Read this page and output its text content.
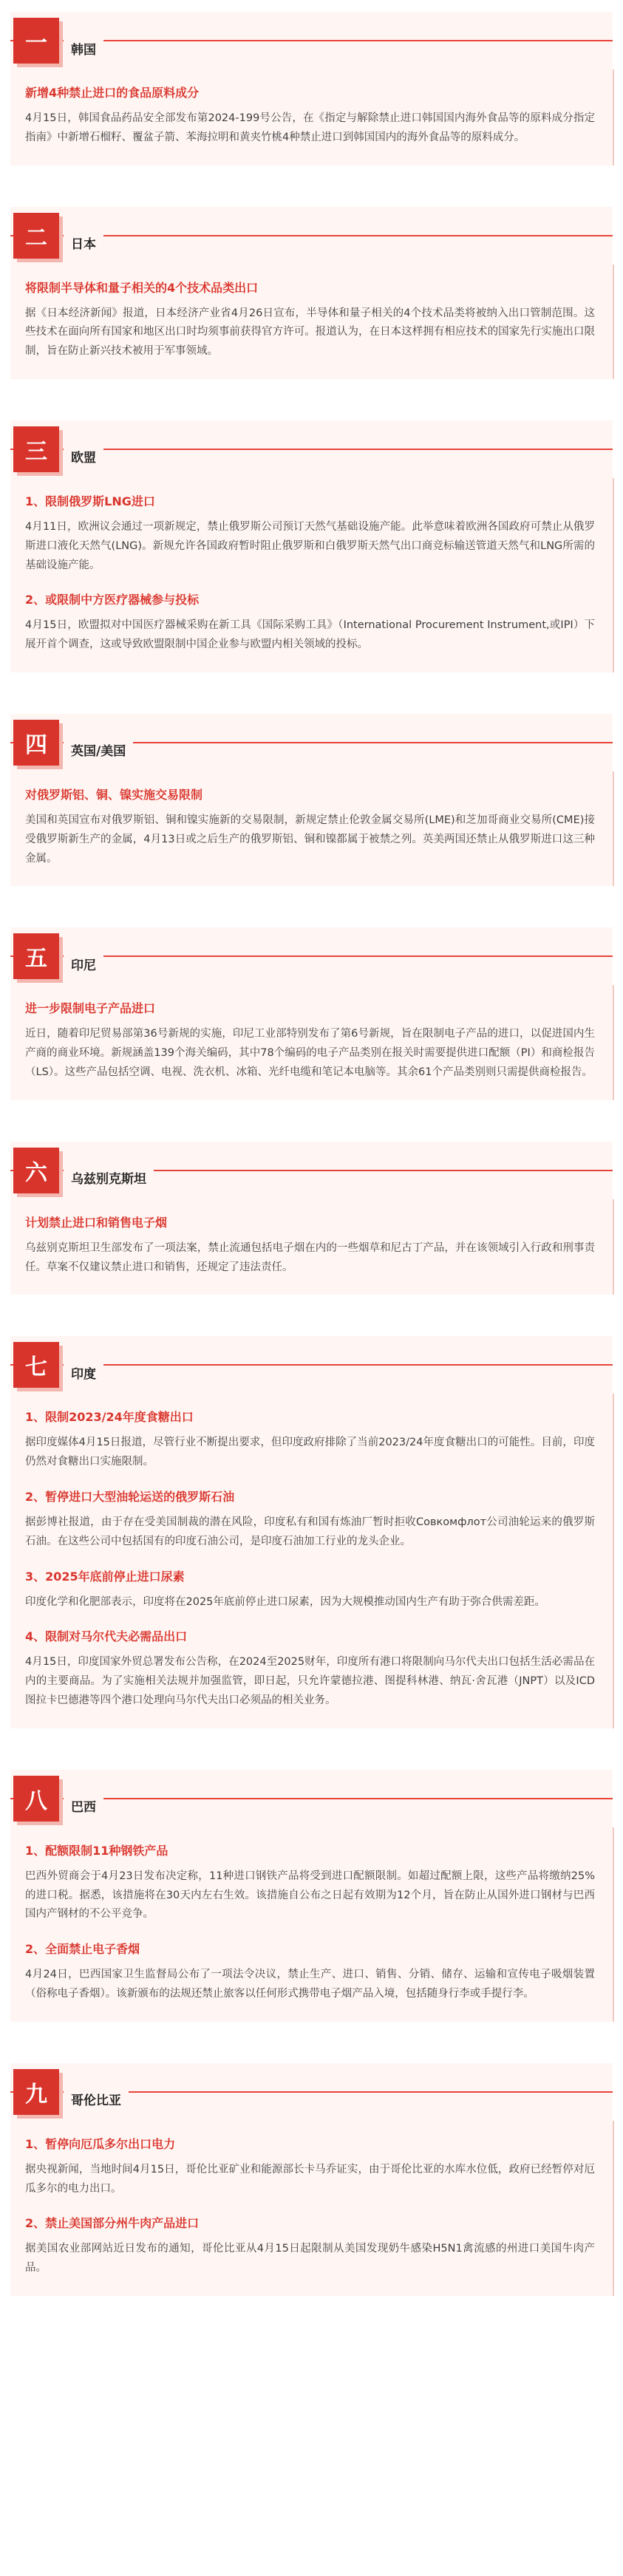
一	韩国
新增4种禁止进口的食品原料成分
4月15日，韩国食品药品安全部发布第2024-199号公告，在《指定与解除禁止进口韩国国内海外食品等的原料成分指定指南》中新增石榴籽、覆盆子箭、苯海拉明和黄夹竹桃4种禁止进口到韩国国内的海外食品等的原料成分。
二	日本
将限制半导体和量子相关的4个技术品类出口
据《日本经济新闻》报道，日本经济产业省4月26日宣布，半导体和量子相关的4个技术品类将被纳入出口管制范围。这些技术在面向所有国家和地区出口时均须事前获得官方许可。报道认为，在日本这样拥有相应技术的国家先行实施出口限制，旨在防止新兴技术被用于军事领域。
三	欧盟
1、限制俄罗斯LNG进口
4月11日，欧洲议会通过一项新规定，禁止俄罗斯公司预订天然气基础设施产能。此举意味着欧洲各国政府可禁止从俄罗斯进口液化天然气(LNG)。新规允许各国政府暂时阻止俄罗斯和白俄罗斯天然气出口商竞标输送管道天然气和LNG所需的基础设施产能。
2、或限制中方医疗器械参与投标
4月15日，欧盟拟对中国医疗器械采购在新工具《国际采购工具》（International Procurement Instrument,或IPI）下展开首个调查，这或导致欧盟限制中国企业参与欧盟内相关领域的投标。
四	英国/美国
对俄罗斯铝、铜、镍实施交易限制
美国和英国宣布对俄罗斯铝、铜和镍实施新的交易限制，新规定禁止伦敦金属交易所(LME)和芝加哥商业交易所(CME)接受俄罗斯新生产的金属，4月13日或之后生产的俄罗斯铝、铜和镍都属于被禁之列。英美两国还禁止从俄罗斯进口这三种金属。
五	印尼
进一步限制电子产品进口
近日，随着印尼贸易部第36号新规的实施，印尼工业部特别发布了第6号新规，旨在限制电子产品的进口，以促进国内生产商的商业环境。新规涵盖139个海关编码，其中78个编码的电子产品类别在报关时需要提供进口配额（PI）和商检报告（LS）。这些产品包括空调、电视、洗衣机、冰箱、光纤电缆和笔记本电脑等。其余61个产品类别则只需提供商检报告。
六	乌兹别克斯坦
计划禁止进口和销售电子烟
乌兹别克斯坦卫生部发布了一项法案，禁止流通包括电子烟在内的一些烟草和尼古丁产品，并在该领域引入行政和刑事责任。草案不仅建议禁止进口和销售，还规定了违法责任。
七	印度
1、限制2023/24年度食糖出口
据印度媒体4月15日报道，尽管行业不断提出要求，但印度政府排除了当前2023/24年度食糖出口的可能性。目前，印度仍然对食糖出口实施限制。
2、暂停进口大型油轮运送的俄罗斯石油
据彭博社报道，由于存在受美国制裁的潜在风险，印度私有和国有炼油厂暂时拒收Совкомфлот公司油轮运来的俄罗斯石油。在这些公司中包括国有的印度石油公司，是印度石油加工行业的龙头企业。
3、2025年底前停止进口尿素
印度化学和化肥部表示，印度将在2025年底前停止进口尿素，因为大规模推动国内生产有助于弥合供需差距。
4、限制对马尔代夫必需品出口
4月15日，印度国家外贸总署发布公告称，在2024至2025财年，印度所有港口将限制向马尔代夫出口包括生活必需品在内的主要商品。为了实施相关法规并加强监管，即日起，只允许蒙德拉港、图提科林港、纳瓦·舍瓦港（JNPT）以及ICD图拉卡巴德港等四个港口处理向马尔代夫出口必须品的相关业务。
八	巴西
1、配额限制11种钢铁产品
巴西外贸商会于4月23日发布决定称，11种进口钢铁产品将受到进口配额限制。如超过配额上限，这些产品将缴纳25%的进口税。据悉，该措施将在30天内左右生效。该措施自公布之日起有效期为12个月，旨在防止从国外进口钢材与巴西国内产钢材的不公平竞争。
2、全面禁止电子香烟
4月24日，巴西国家卫生监督局公布了一项法令决议，禁止生产、进口、销售、分销、储存、运输和宣传电子吸烟装置（俗称电子香烟）。该新颁布的法规还禁止旅客以任何形式携带电子烟产品入境，包括随身行李或手提行李。
九	哥伦比亚
1、暂停向厄瓜多尔出口电力
据央视新闻，当地时间4月15日，哥伦比亚矿业和能源部长卡马乔证实，由于哥伦比亚的水库水位低，政府已经暂停对厄瓜多尔的电力出口。
2、禁止美国部分州牛肉产品进口
据美国农业部网站近日发布的通知，哥伦比亚从4月15日起限制从美国发现奶牛感染H5N1禽流感的州进口美国牛肉产品。
